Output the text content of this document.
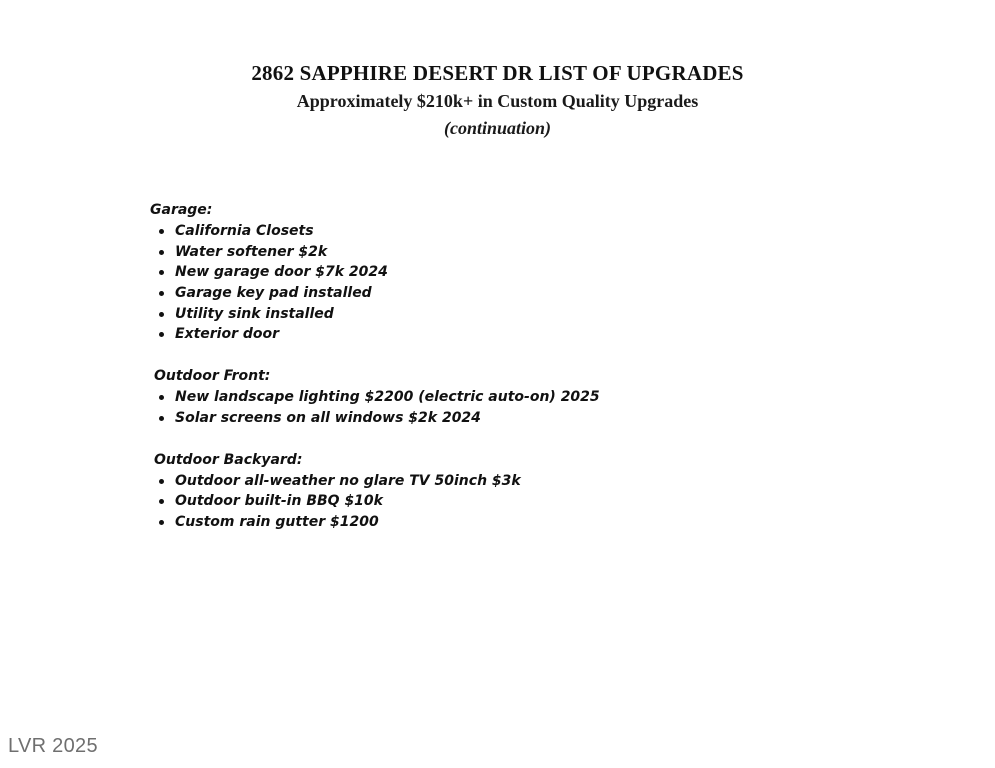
2862 SAPPHIRE DESERT DR LIST OF UPGRADES
Approximately $210k+ in Custom Quality Upgrades
(continuation)
Garage:
California Closets
Water softener $2k
New garage door $7k 2024
Garage key pad installed
Utility sink installed
Exterior door
Outdoor Front:
New landscape lighting $2200 (electric auto-on) 2025
Solar screens on all windows $2k 2024
Outdoor Backyard:
Outdoor all-weather no glare TV 50inch $3k
Outdoor built-in BBQ $10k
Custom rain gutter $1200
LVR 2025
